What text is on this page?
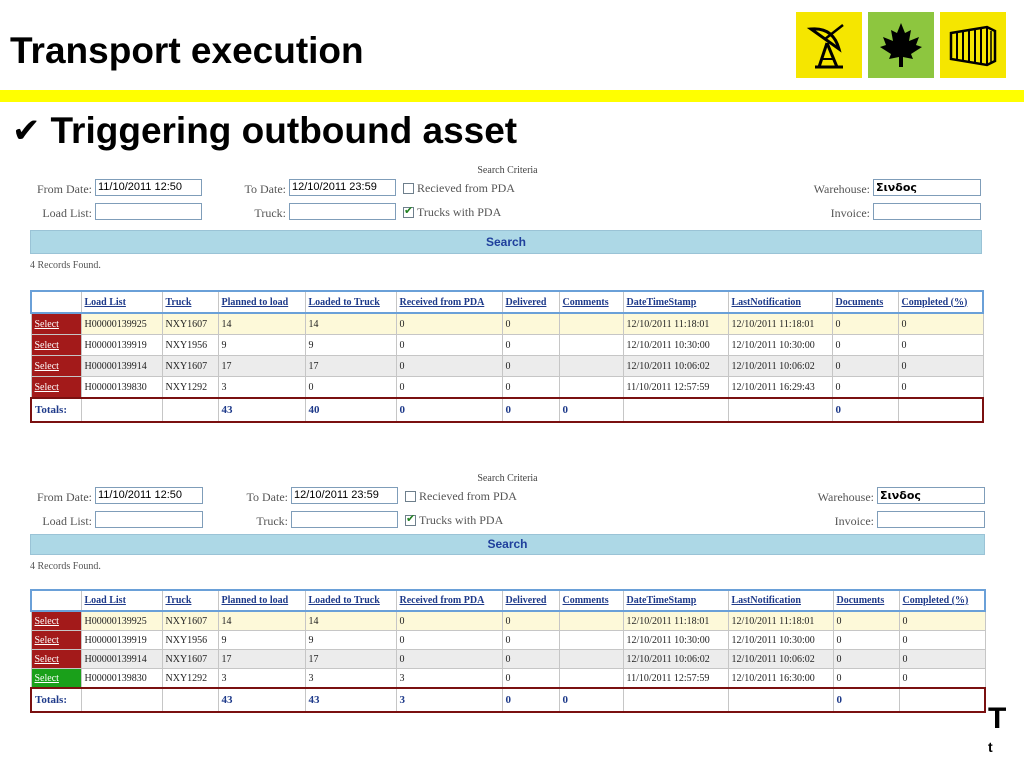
Transport execution
✔ Triggering outbound asset
Search Criteria
From Date: 11/10/2011 12:50	To Date: 12/10/2011 23:59	Recieved from PDA	Warehouse: Σινδος
Load List:	Truck: ✔	Trucks with PDA	Invoice:
Search
4 Records Found.
	Load List	Truck	Planned to load	Loaded to Truck	Received from PDA	Delivered	Comments	DateTimeStamp	LastNotification	Documents	Completed (%)
Select	H00000139925	NXY1607	14	14	0	0		12/10/2011 11:18:01	12/10/2011 11:18:01	0	0
Select	H00000139919	NXY1956	9	9	0	0		12/10/2011 10:30:00	12/10/2011 10:30:00	0	0
Select	H00000139914	NXY1607	17	17	0	0		12/10/2011 10:06:02	12/10/2011 10:06:02	0	0
Select	H00000139830	NXY1292	3	0	0	0		11/10/2011 12:57:59	12/10/2011 16:29:43	0	0
Totals:			43	40	0	0	0			0	
Search Criteria
From Date: 11/10/2011 12:50	To Date: 12/10/2011 23:59	Recieved from PDA	Warehouse: Σινδος
Load List:	Truck: ✔	Trucks with PDA	Invoice:
Search
4 Records Found.
	Load List	Truck	Planned to load	Loaded to Truck	Received from PDA	Delivered	Comments	DateTimeStamp	LastNotification	Documents	Completed (%)
Select	H00000139925	NXY1607	14	14	0	0		12/10/2011 11:18:01	12/10/2011 11:18:01	0	0
Select	H00000139919	NXY1956	9	9	0	0		12/10/2011 10:30:00	12/10/2011 10:30:00	0	0
Select	H00000139914	NXY1607	17	17	0	0		12/10/2011 10:06:02	12/10/2011 10:06:02	0	0
Select	H00000139830	NXY1292	3	3	3	0		11/10/2011 12:57:59	12/10/2011 16:30:00	0	0
Totals:			43	43	3	0	0			0	
T
t
